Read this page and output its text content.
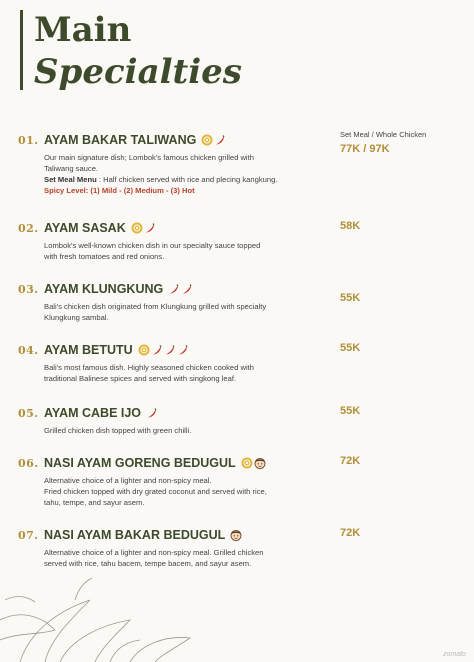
Main
Specialties
Set Meal / Whole Chicken
01. AYAM BAKAR TALIWANG
Our main signature dish; Lombok's famous chicken grilled with
Taliwang sauce.
Set Meal Menu : Half chicken served with rice and plecing kangkung.
Spicy Level: (1) Mild - (2) Medium - (3) Hot
77K / 97K
02. AYAM SASAK
Lombok's well-known chicken dish in our specialty sauce topped
with fresh tomatoes and red onions.
58K
03. AYAM KLUNGKUNG
Bali's chicken dish originated from Klungkung grilled with specialty
Klungkung sambal.
55K
04. AYAM BETUTU
Bali's most famous dish. Highly seasoned chicken cooked with
traditional Balinese spices and served with singkong leaf.
55K
05. AYAM CABE IJO
Grilled chicken dish topped with green chilli.
55K
06. NASI AYAM GORENG BEDUGUL
Alternative choice of a lighter and non-spicy meal.
Fried chicken topped with dry grated coconut and served with rice,
tahu, tempe, and sayur asem.
72K
07. NASI AYAM BAKAR BEDUGUL
Alternative choice of a lighter and non-spicy meal. Grilled chicken
served with rice, tahu bacem, tempe bacem, and sayur asem.
72K
zomato
